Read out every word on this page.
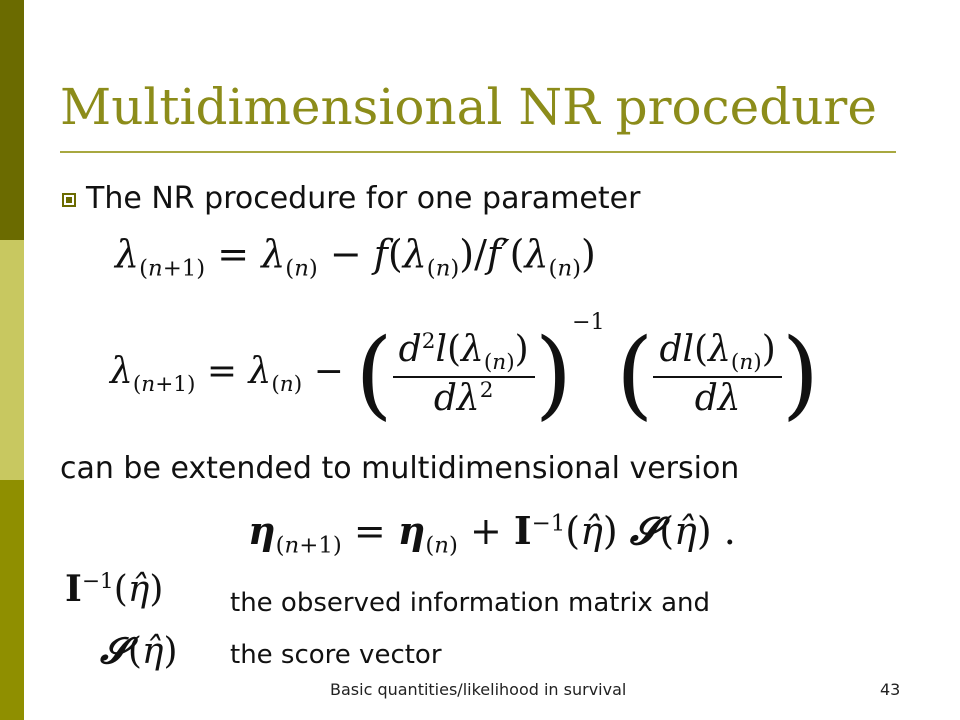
Multidimensional NR procedure
The NR procedure for one parameter
$\lambda_{(n+1)} = \lambda_{(n)} - f(\lambda_{(n)})/f'(\lambda_{(n)})$
$\lambda_{(n+1)} = \lambda_{(n)}$ − ( $\frac{d^2l(\lambda_{(n)})}{d\lambda^2} )^{-1}$ ( $\frac{dl(\lambda_{(n)})}{d\lambda}$ )
can be extended to multidimensional version
$\eta_{(n+1)} = \eta_{(n)}$ + $I^{-1}(\etâ)$ 𝓢(η̂) .
$I^{-1}(\etâ)$	the observed information matrix and
𝓢(η̂) the score vector
Basic quantities/likelihood in survival	43
